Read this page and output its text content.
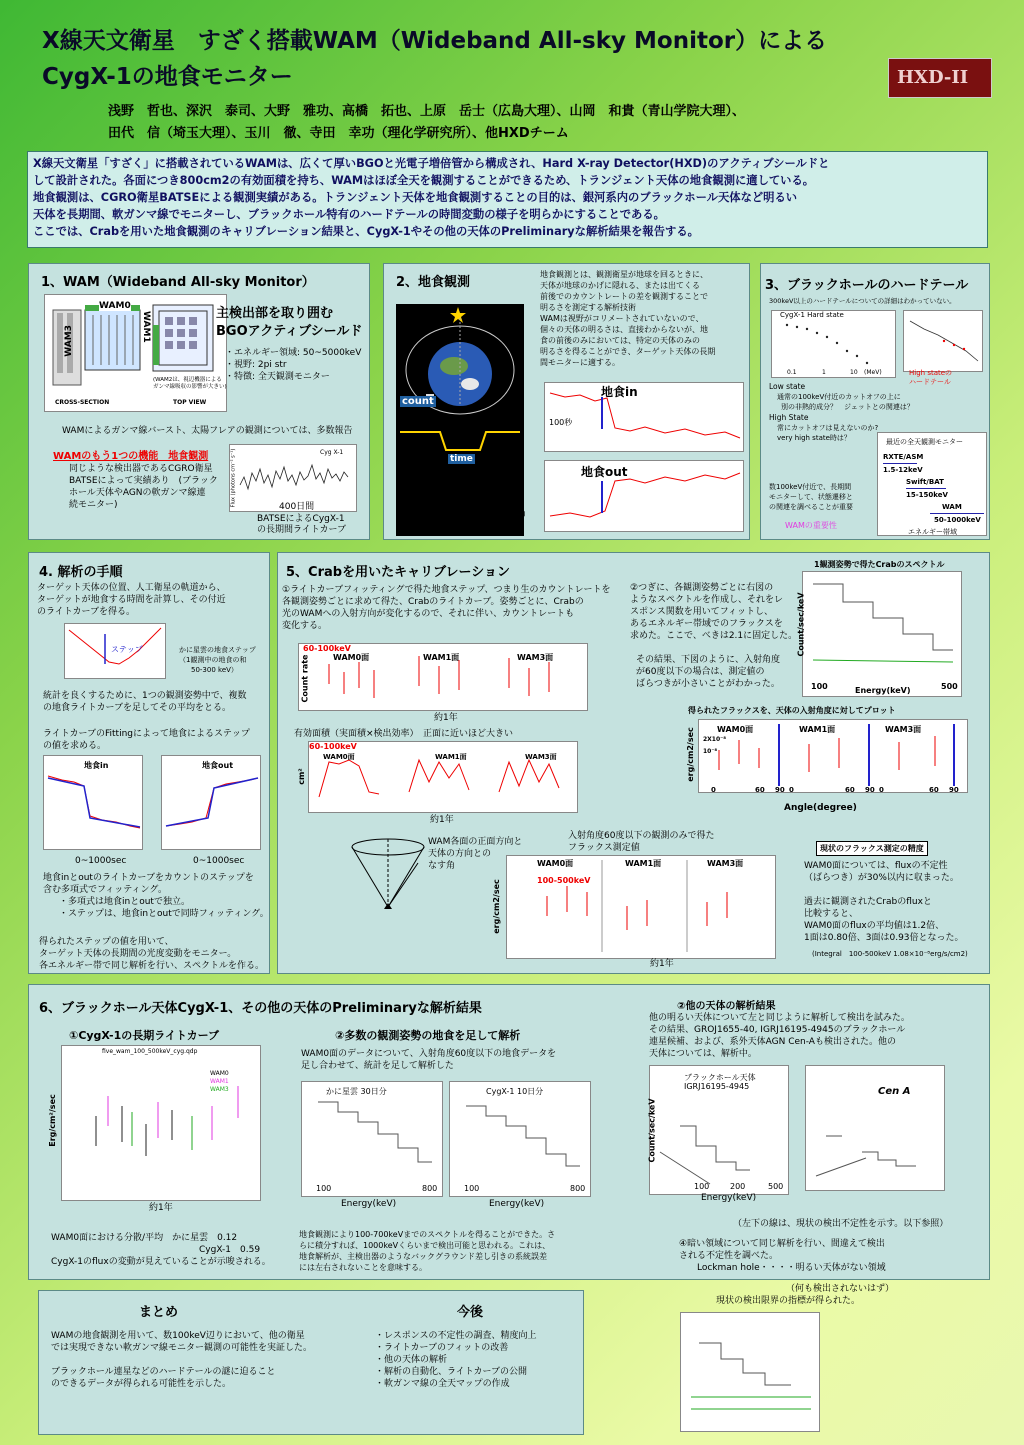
X線天文衛星　すざく搭載WAM（Wideband All-sky Monitor）による
CygX-1の地食モニター	HXD-II
浅野　哲也、深沢　泰司、大野　雅功、高橋　拓也、上原　岳士（広島大理）、山岡　和貴（青山学院大理）、
田代　信（埼玉大理）、玉川　徹、寺田　幸功（理化学研究所）、他HXDチーム
X線天文衛星「すざく」に搭載されているWAMは、広くて厚いBGOと光電子増倍管から構成され、Hard X-ray Detector(HXD)のアクティブシールドと
して設計された。各面につき800cm2の有効面積を持ち、WAMはほぼ全天を観測することができるため、トランジェント天体の地食観測に適している。
地食観測は、CGRO衛星BATSEによる観測実績がある。トランジェント天体を地食観測することの目的は、銀河系内のブラックホール天体など明るい
天体を長期間、軟ガンマ線でモニターし、ブラックホール特有のハードテールの時間変動の様子を明らかにすることである。
ここでは、Crabを用いた地食観測のキャリブレーション結果と、CygX-1やその他の天体のPreliminaryな解析結果を報告する。
1、WAM（Wideband All-sky Monitor）
WAM0
WAM3	WAM1
CROSS-SECTION	TOP VIEW
(WAM2は、視辺機器による
ガンマ線吸収の影響が大きい)
主検出部を取り囲む
BGOアクティブシールド
・エネルギー領域: 50~5000keV
・視野: 2pi str
・特徴: 全天観測モニター
WAMによるガンマ線バースト、太陽フレアの観測については、多数報告
WAMのもう1つの機能　地食観測
同じような検出器であるCGRO衛星
BATSEによって実績あり　(ブラック
ホール天体やAGNの軟ガンマ線連
続モニター)
Cyg X-1
Flux (photons cm⁻² s⁻¹)	400日間
BATSEによるCygX-1
の長期間ライトカーブ
2、地食観測
count
time
地食観測とは、観測衛星が地球を回るときに、
天体が地球のかげに隠れる、または出てくる
前後でのカウントレートの差を観測することで
明るさを測定する解析技術
WAMは視野がコリメートされていないので、
個々の天体の明るさは、直接わからないが、地
食の前後のみにおいては、特定の天体のみの
明るさを得ることができ、ターゲット天体の長期
間モニターに適する。
地食in
100秒
地食out
Crabの地食による
WAMのカウントレ
ートの変化（ステップ）
3、ブラックホールのハードテール
300keV以上のハードテールについての詳細はわかっていない。
CygX-1 Hard state
0.1	1	10 (MeV)	High stateの
ハードテール
Low state
通常の100keV付近のカットオフの上に
別の非熱的成分？　ジェットとの関連は？
High State
常にカットオフは見えないのか?
very high state時は？	最近の全天観測モニター
RXTE/ASM
1.5-12keV
Swift/BAT
15-150keV
WAM
50-1000keV
エネルギー帯域
数100keV付近で、長期間
モニターして、状態遷移と
の関連を調べることが重要
WAMの重要性
4. 解析の手順
ターゲット天体の位置、人工衛星の軌道から、
ターゲットが地食する時間を計算し、その付近
のライトカーブを得る。
ステップ	かに星雲の地食ステップ
（1観測中の地食の和
50-300 keV）
統計を良くするために、1つの観測姿勢中で、複数
の地食ライトカーブを足してその平均をとる。
ライトカーブのFittingによって地食によるステップ
の値を求める。
地食in	地食out
0~1000sec	0~1000sec
地食inとoutのライトカーブをカウントのステップを
含む多項式でフィッティング。
・多項式は地食inとoutで独立。
・ステップは、地食inとoutで同時フィッティング。
得られたステップの値を用いて、
ターゲット天体の長期間の光度変動をモニター。
各エネルギー帯で同じ解析を行い、スペクトルを作る。
5、Crabを用いたキャリブレーション
①ライトカーブフィッティングで得た地食ステップ、つまり生のカウントレートを
各観測姿勢ごとに求めて得た、Crabのライトカーブ。姿勢ごとに、Crabの
光のWAMへの入射方向が変化するので、それに伴い、カウントレートも
変化する。
60-100keV
WAM0面	WAM1面	WAM3面
Count rate
約1年
有効面積（実面積×検出効率）　正面に近いほど大きい
60-100keV
WAM0面	WAM1面	WAM3面
cm²
約1年
WAM各面の正面方向と
天体の方向との
なす角
②つぎに、各観測姿勢ごとに右図の
ようなスペクトルを作成し、それをレ
スポンス関数を用いてフィットし、
あるエネルギー帯域でのフラックスを
求めた。ここで、べきは2.1に固定した。
その結果、下図のように、入射角度
が60度以下の場合は、測定値の
ばらつきが小さいことがわかった。
1観測姿勢で得たCrabのスペクトル
Count/sec/keV
100	500
Energy(keV)
得られたフラックスを、天体の入射角度に対してプロット
WAM0面	WAM1面	WAM3面
2X10⁻⁸
10⁻⁸
erg/cm2/sec
0	60 90 0	60 90 0	60 90
Angle(degree)
入射角度60度以下の観測のみで得た
フラックス測定値
WAM0面	WAM1面	WAM3面
100-500keV
erg/cm2/sec
約1年
現状のフラックス測定の精度
WAM0面については、fluxの不定性
（ばらつき）が30%以内に収まった。
過去に観測されたCrabのfluxと
比較すると、
WAM0面のfluxの平均値は1.2倍、
1面は0.80倍、3面は0.93倍となった。
(Integral　100-500keV 1.08×10⁻⁸erg/s/cm2)
6、ブラックホール天体CygX-1、その他の天体のPreliminaryな解析結果
①CygX-1の長期ライトカーブ
five_wam_100_500keV_cyg.qdp
WAM0
WAM1
WAM3
Erg/cm²/sec
約1年
WAM0面における分散/平均　かに星雲　0.12
CygX-1　0.59
CygX-1のfluxの変動が見えていることが示唆される。
②多数の観測姿勢の地食を足して解析
WAM0面のデータについて、入射角度60度以下の地食データを
足し合わせて、統計を足して解析した
かに星雲 30日分
100	800
Energy(keV)
CygX-1 10日分
100	800
Energy(keV)
地食観測により100-700keVまでのスペクトルを得ることができた。さ
らに積分すれば、1000keVくらいまで検出可能と思われる。これは、
地食解析が、主検出器のようなバックグラウンド差し引きの系統誤差
には左右されないことを意味する。
②他の天体の解析結果
他の明るい天体について左と同じように解析して検出を試みた。
その結果、GROJ1655-40, IGRJ16195-4945のブラックホール
連星候補、および、系外天体AGN Cen-Aも検出された。他の
天体については、解析中。
ブラックホール天体
IGRJ16195-4945
100	200	500
Count/sec/keV
Energy(keV)
Cen A
（左下の線は、現状の検出不定性を示す。以下参照）
④暗い領域について同じ解析を行い、間違えて検出
される不定性を調べた。
Lockman hole・・・・明るい天体がない領域
（何も検出されないはず）
現状の検出限界の指標が得られた。
まとめ
WAMの地食観測を用いて、数100keV辺りにおいて、他の衛星
では実現できない軟ガンマ線モニター観測の可能性を実証した。
ブラックホール連星などのハードテールの謎に迫ること
のできるデータが得られる可能性を示した。
今後
・レスポンスの不定性の調査、精度向上
・ライトカーブのフィットの改善
・他の天体の解析
・解析の自動化、ライトカーブの公開
・軟ガンマ線の全天マップの作成
